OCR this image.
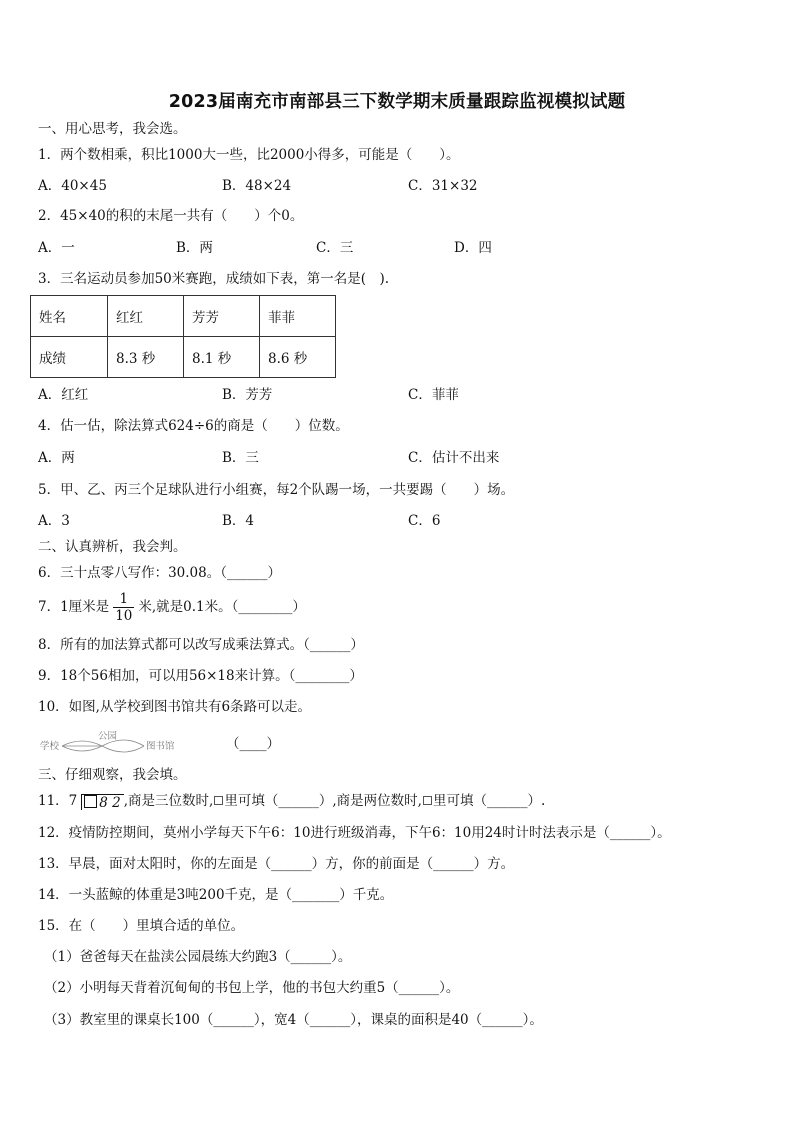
2023届南充市南部县三下数学期末质量跟踪监视模拟试题
一、用心思考，我会选。
1．两个数相乘，积比1000大一些，比2000小得多，可能是（　　）。
A．40×45	B．48×24	C．31×32
2．45×40的积的末尾一共有（　　）个0。
A．一	B．两	C．三	D．四
3．三名运动员参加50米赛跑，成绩如下表，第一名是(　).
姓名	红红	芳芳	菲菲
成绩	8.3 秒	8.1 秒	8.6 秒
A．红红	B．芳芳	C．菲菲
4．估一估，除法算式624÷6的商是（　　）位数。
A．两	B．三	C．估计不出来
5．甲、乙、丙三个足球队进行小组赛，每2个队踢一场，一共要踢（　　）场。
A．3	B．4	C．6
二、认真辨析，我会判。
6．三十点零八写作：30.08。（______）
7．1厘米是 $\frac{1}{10}$ 米,就是0.1米。（________）
8．所有的加法算式都可以改写成乘法算式。（______）
9．18个56相加，可以用56×18来计算。（________）
10．如图,从学校到图书馆共有6条路可以走。
学校
公园
图书馆	（____）
三、仔细观察，我会填。
11．7 8 2 ,商是三位数时, 里可填（______）,商是两位数时, 里可填（______）.
12．疫情防控期间，莫州小学每天下午6：10进行班级消毒，下午6：10用24时计时法表示是（______）。
13．早晨，面对太阳时，你的左面是（______）方，你的前面是（______）方。
14．一头蓝鲸的体重是3吨200千克，是（_______）千克。
15．在（　　）里填合适的单位。
（1）爸爸每天在盐渎公园晨练大约跑3（______）。
（2）小明每天背着沉甸甸的书包上学，他的书包大约重5（______）。
（3）教室里的课桌长100（______），宽4（______），课桌的面积是40（______）。
